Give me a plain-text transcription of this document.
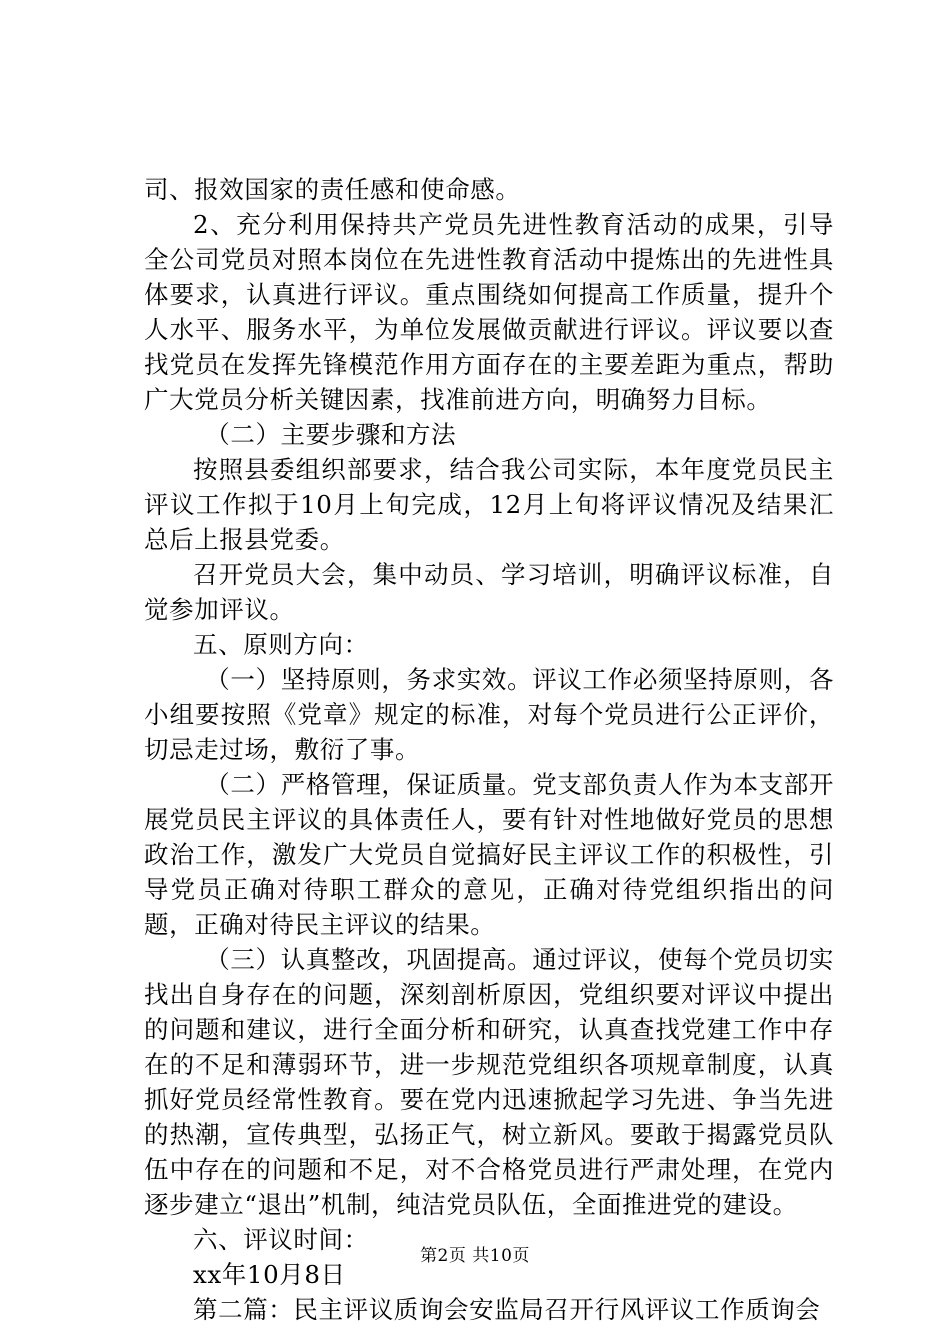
司、报效国家的责任感和使命感。

2、充分利用保持共产党员先进性教育活动的成果，引导全公司党员对照本岗位在先进性教育活动中提炼出的先进性具体要求，认真进行评议。重点围绕如何提高工作质量，提升个人水平、服务水平，为单位发展做贡献进行评议。评议要以查找党员在发挥先锋模范作用方面存在的主要差距为重点，帮助广大党员分析关键因素，找准前进方向，明确努力目标。

（二）主要步骤和方法

按照县委组织部要求，结合我公司实际，本年度党员民主评议工作拟于10月上旬完成，12月上旬将评议情况及结果汇总后上报县党委。

召开党员大会，集中动员、学习培训，明确评议标准，自觉参加评议。

五、原则方向：

（一）坚持原则，务求实效。评议工作必须坚持原则，各小组要按照《党章》规定的标准，对每个党员进行公正评价，切忌走过场，敷衍了事。

（二）严格管理，保证质量。党支部负责人作为本支部开展党员民主评议的具体责任人，要有针对性地做好党员的思想政治工作，激发广大党员自觉搞好民主评议工作的积极性，引导党员正确对待职工群众的意见，正确对待党组织指出的问题，正确对待民主评议的结果。

（三）认真整改，巩固提高。通过评议，使每个党员切实找出自身存在的问题，深刻剖析原因，党组织要对评议中提出的问题和建议，进行全面分析和研究，认真查找党建工作中存在的不足和薄弱环节，进一步规范党组织各项规章制度，认真抓好党员经常性教育。要在党内迅速掀起学习先进、争当先进的热潮，宣传典型，弘扬正气，树立新风。要敢于揭露党员队伍中存在的问题和不足，对不合格党员进行严肃处理，在党内逐步建立“退出”机制，纯洁党员队伍，全面推进党的建设。

六、评议时间：

xx年10月8日

第二篇：民主评议质询会安监局召开行风评议工作质询会

第2页 共10页
